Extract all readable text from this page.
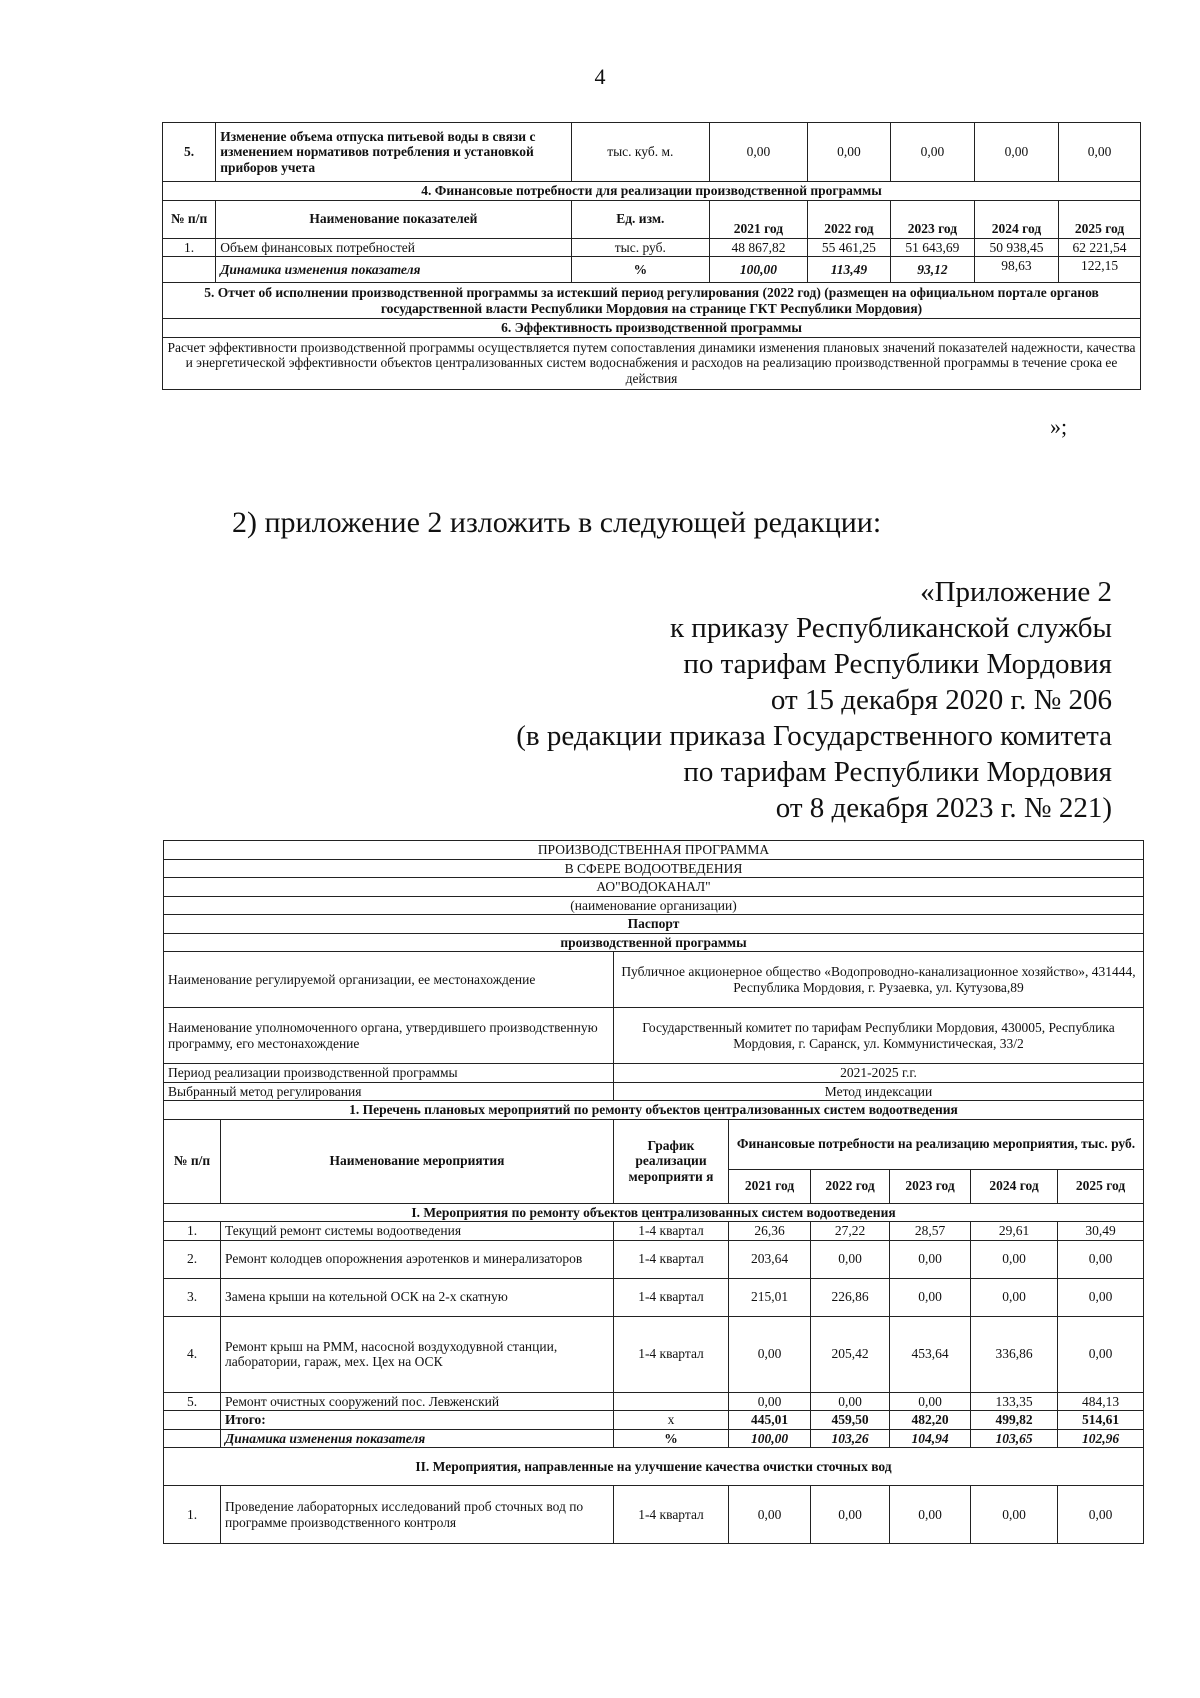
4
5.	Изменение объема отпуска питьевой воды в связи с изменением нормативов потребления и установкой приборов учета	тыс. куб. м.	0,00	0,00	0,00	0,00	0,00
4. Финансовые потребности для реализации производственной программы							
№ п/п	Наименование показателей	Ед. изм.	2021 год	2022 год	2023 год	2024 год	2025 год
1.	Объем финансовых потребностей	тыс. руб.	48 867,82	55 461,25	51 643,69	50 938,45	62 221,54
	Динамика изменения показателя	%	100,00	113,49	93,12	98,63	122,15
5. Отчет об исполнении производственной программы за истекший период регулирования (2022 год) (размещен на официальном портале органов государственной власти Республики Мордовия на странице ГКТ Республики Мордовия)							
6. Эффективность производственной программы							
Расчет эффективности производственной программы осуществляется путем сопоставления динамики изменения плановых значений показателей надежности, качества и энергетической эффективности объектов централизованных систем водоснабжения и расходов на реализацию производственной программы в течение срока ее действия							
»;
2) приложение 2 изложить в следующей редакции:
«Приложение 2
к приказу Республиканской службы
по тарифам Республики Мордовия
от 15 декабря 2020 г. № 206
(в редакции приказа Государственного комитета
по тарифам Республики Мордовия
от 8 декабря 2023 г. № 221)
ПРОИЗВОДСТВЕННАЯ ПРОГРАММА							
В СФЕРЕ ВОДООТВЕДЕНИЯ							
АО"ВОДОКАНАЛ"							
(наименование организации)							
Паспорт							
производственной программы							
Наименование регулируемой организации, ее местонахождение		Публичное акционерное общество «Водопроводно-канализационное хозяйство», 431444, Республика Мордовия, г. Рузаевка, ул. Кутузова,89					
Наименование уполномоченного органа, утвердившего производственную программу, его местонахождение		Государственный комитет по тарифам Республики Мордовия, 430005, Республика Мордовия, г. Саранск, ул. Коммунистическая, 33/2					
Период реализации производственной программы		2021-2025 г.г.					
Выбранный метод регулирования		Метод индексации					
1. Перечень плановых мероприятий по ремонту объектов централизованных систем водоотведения							
№ п/п	Наименование мероприятия	График реализации мероприяти я	Финансовые потребности на реализацию мероприятия, тыс. руб.				
			2021 год	2022 год	2023 год	2024 год	2025 год
I. Мероприятия по ремонту объектов централизованных систем водоотведения							
1.	Текущий ремонт системы водоотведения	1-4 квартал	26,36	27,22	28,57	29,61	30,49
2.	Ремонт колодцев опорожнения аэротенков и минерализаторов	1-4 квартал	203,64	0,00	0,00	0,00	0,00
3.	Замена крыши на котельной ОСК на 2-х скатную	1-4 квартал	215,01	226,86	0,00	0,00	0,00
4.	Ремонт крыш на РММ, насосной воздуходувной станции, лаборатории, гараж, мех. Цех на ОСК	1-4 квартал	0,00	205,42	453,64	336,86	0,00
5.	Ремонт очистных сооружений пос. Левженский		0,00	0,00	0,00	133,35	484,13
	Итого:	х	445,01	459,50	482,20	499,82	514,61
	Динамика изменения показателя	%	100,00	103,26	104,94	103,65	102,96
II. Мероприятия, направленные на улучшение качества очистки сточных вод							
1.	Проведение лабораторных исследований проб сточных вод по программе производственного контроля	1-4 квартал	0,00	0,00	0,00	0,00	0,00
